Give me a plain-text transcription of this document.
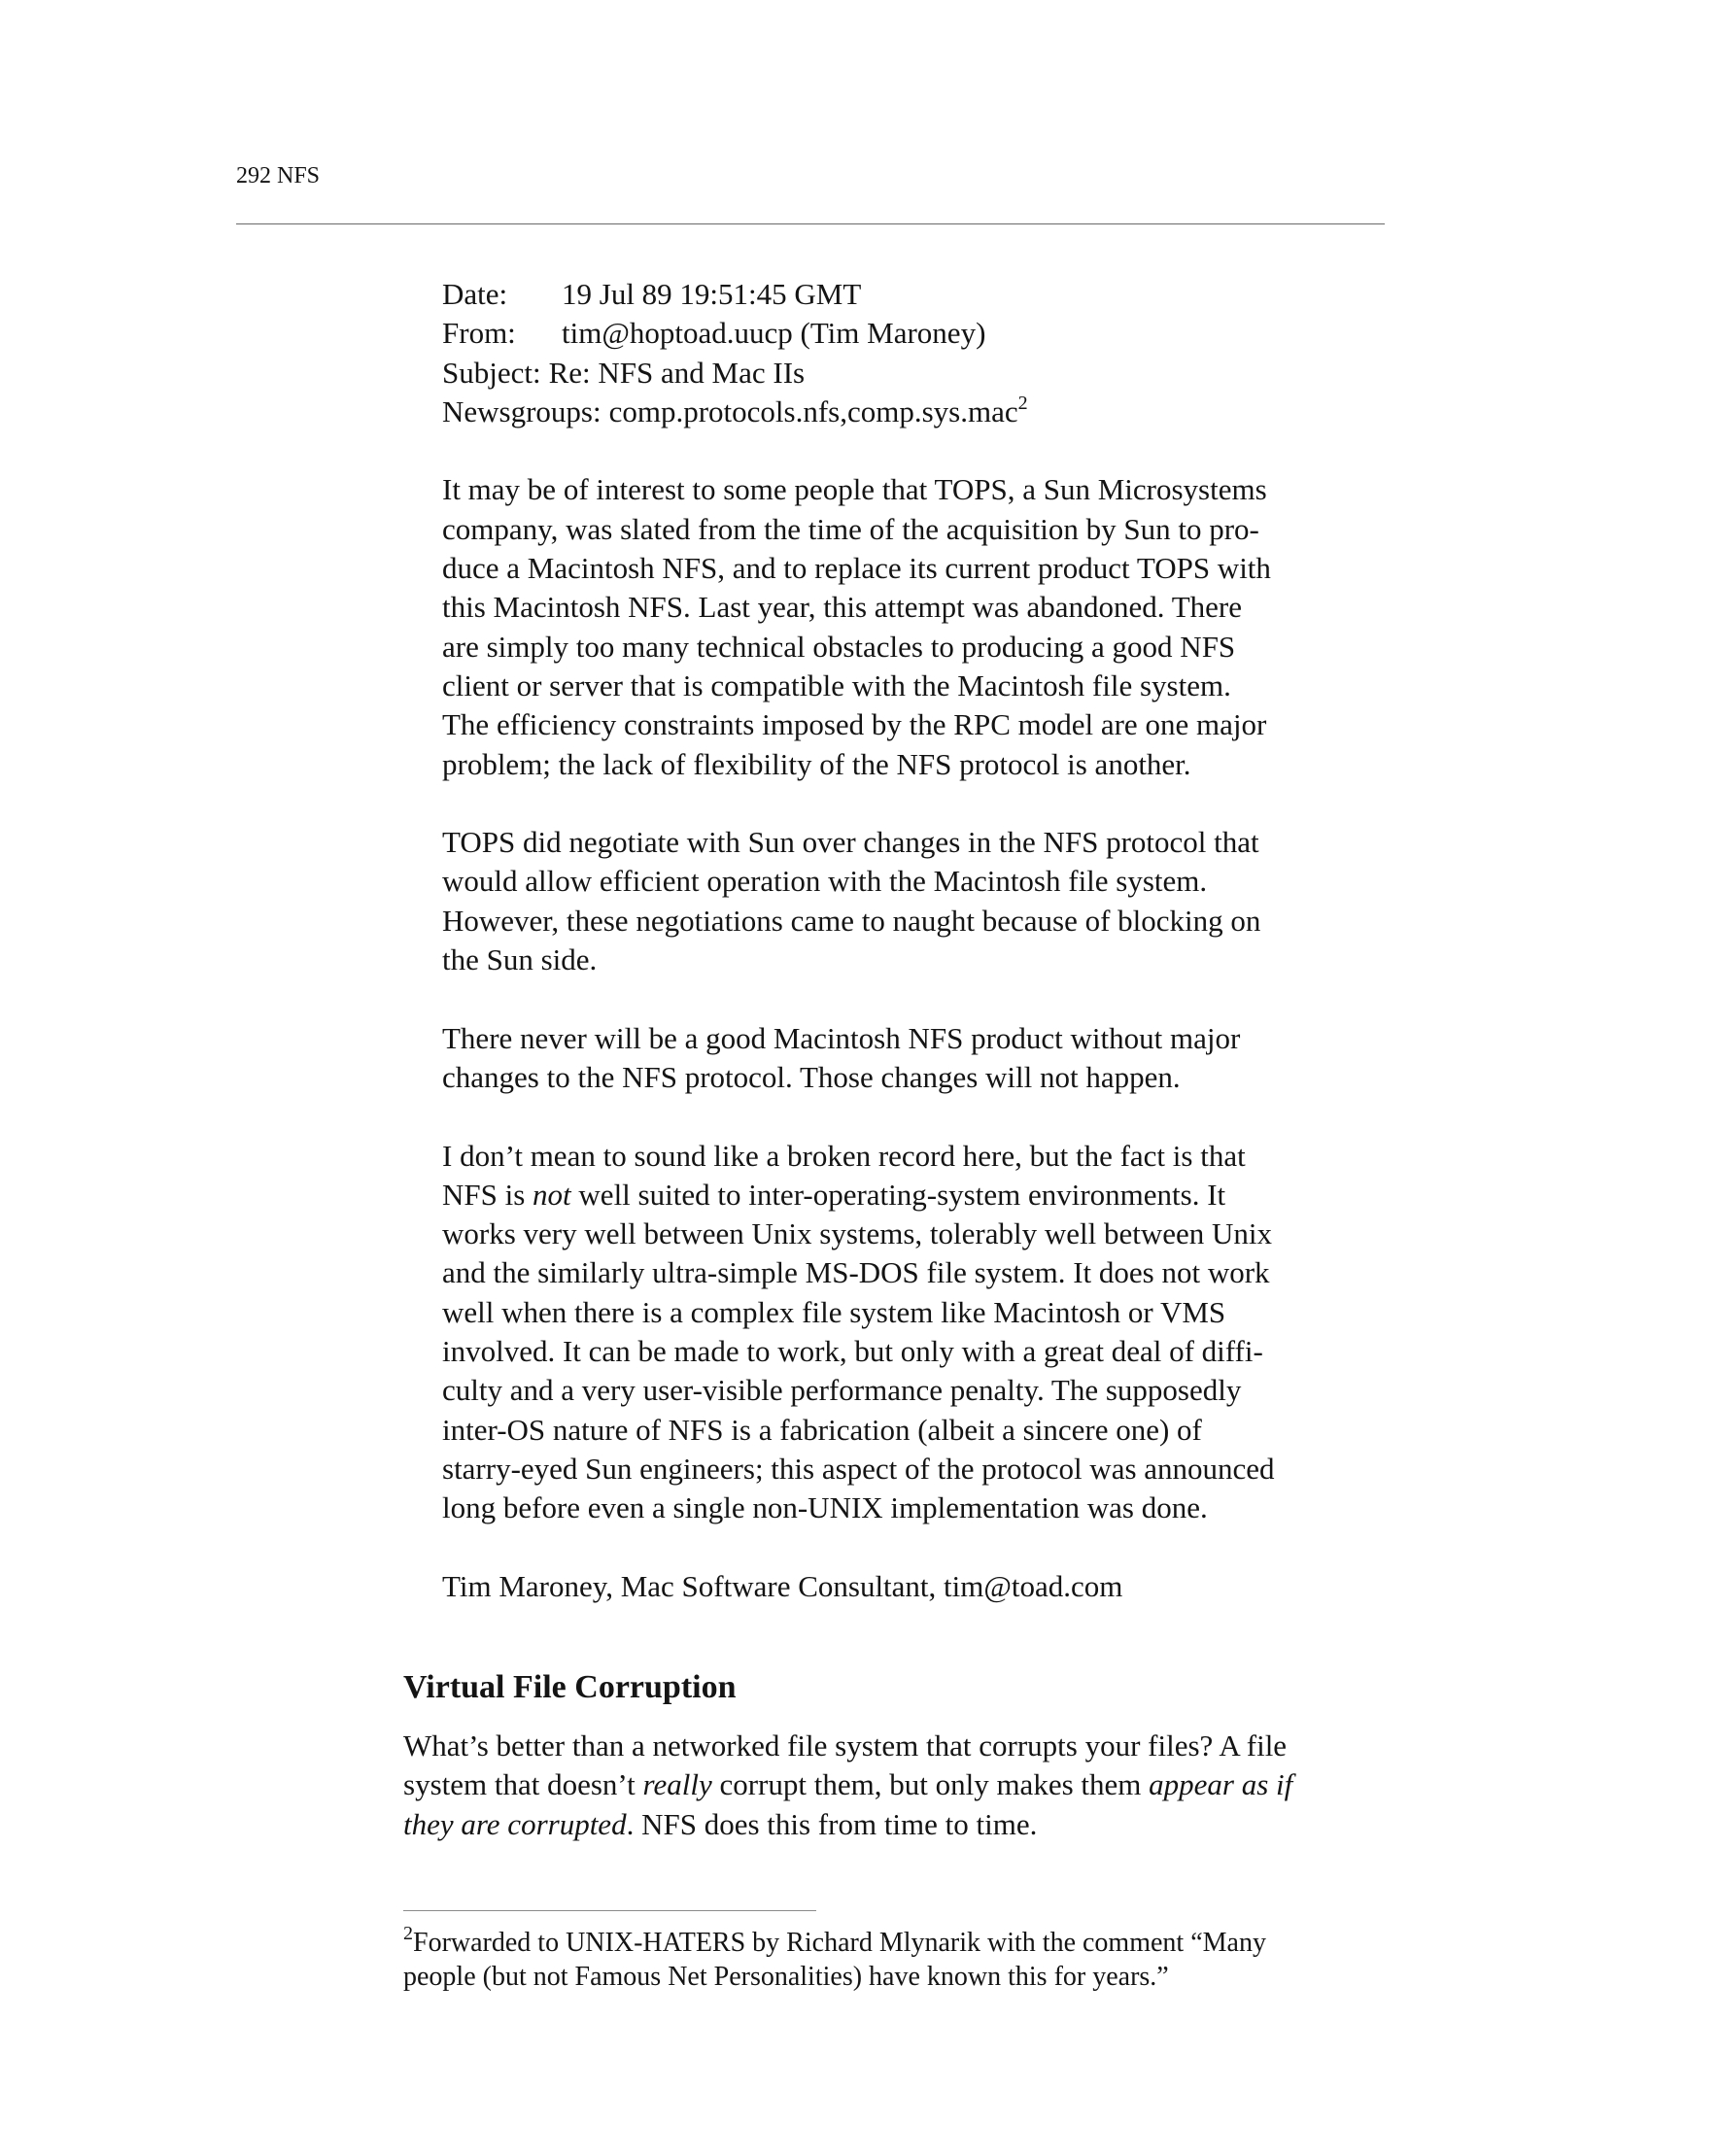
292 NFS
Date: 19 Jul 89 19:51:45 GMT
From: tim@hoptoad.uucp (Tim Maroney)
Subject: Re: NFS and Mac IIs
Newsgroups: comp.protocols.nfs,comp.sys.mac$^2$
It may be of interest to some people that TOPS, a Sun Microsystems
company, was slated from the time of the acquisition by Sun to pro-
duce a Macintosh NFS, and to replace its current product TOPS with
this Macintosh NFS. Last year, this attempt was abandoned. There
are simply too many technical obstacles to producing a good NFS
client or server that is compatible with the Macintosh file system.
The efficiency constraints imposed by the RPC model are one major
problem; the lack of flexibility of the NFS protocol is another.
TOPS did negotiate with Sun over changes in the NFS protocol that
would allow efficient operation with the Macintosh file system.
However, these negotiations came to naught because of blocking on
the Sun side.
There never will be a good Macintosh NFS product without major
changes to the NFS protocol. Those changes will not happen.
I don’t mean to sound like a broken record here, but the fact is that
NFS is not well suited to inter-operating-system environments. It
works very well between Unix systems, tolerably well between Unix
and the similarly ultra-simple MS-DOS file system. It does not work
well when there is a complex file system like Macintosh or VMS
involved. It can be made to work, but only with a great deal of diffi-
culty and a very user-visible performance penalty. The supposedly
inter-OS nature of NFS is a fabrication (albeit a sincere one) of
starry-eyed Sun engineers; this aspect of the protocol was announced
long before even a single non-UNIX implementation was done.
Tim Maroney, Mac Software Consultant, tim@toad.com
Virtual File Corruption
What’s better than a networked file system that corrupts your files? A file
system that doesn’t really corrupt them, but only makes them appear as if
they are corrupted. NFS does this from time to time.
$^2$Forwarded to UNIX-HATERS by Richard Mlynarik with the comment “Many
people (but not Famous Net Personalities) have known this for years.”
